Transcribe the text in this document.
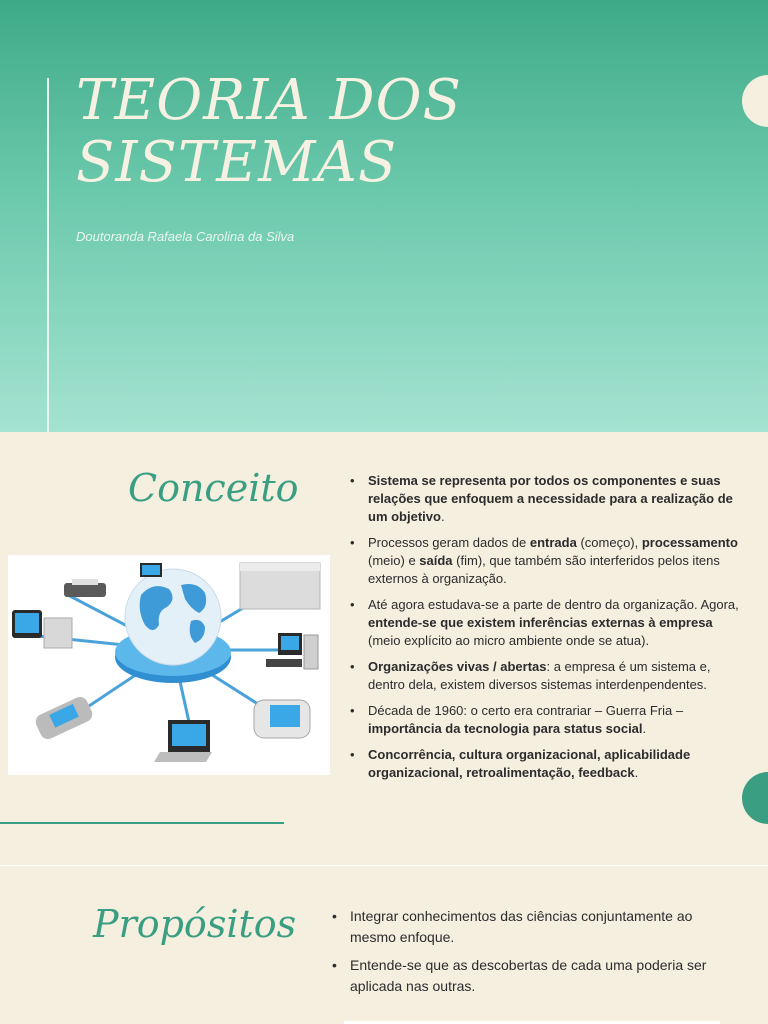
TEORIA DOS
SISTEMAS
Doutoranda Rafaela Carolina da Silva
Conceito	• Sistema se representa por todos os componentes e suas relações que enfoquem a necessidade para a realização de um objetivo.
• Processos geram dados de entrada (começo), processamento (meio) e saída (fim), que também são interferidos pelos itens externos à organização.
• Até agora estudava-se a parte de dentro da organização. Agora, entende-se que existem inferências externas à empresa (meio explícito ao micro ambiente onde se atua).
• Organizações vivas / abertas: a empresa é um sistema e, dentro dela, existem diversos sistemas interdenpendentes.
• Década de 1960: o certo era contrariar – Guerra Fria – importância da tecnologia para status social.
• Concorrência, cultura organizacional, aplicabilidade organizacional, retroalimentação, feedback.
Propósitos	• Integrar conhecimentos das ciências conjuntamente ao mesmo enfoque.
• Entende-se que as descobertas de cada uma poderia ser aplicada nas outras.
